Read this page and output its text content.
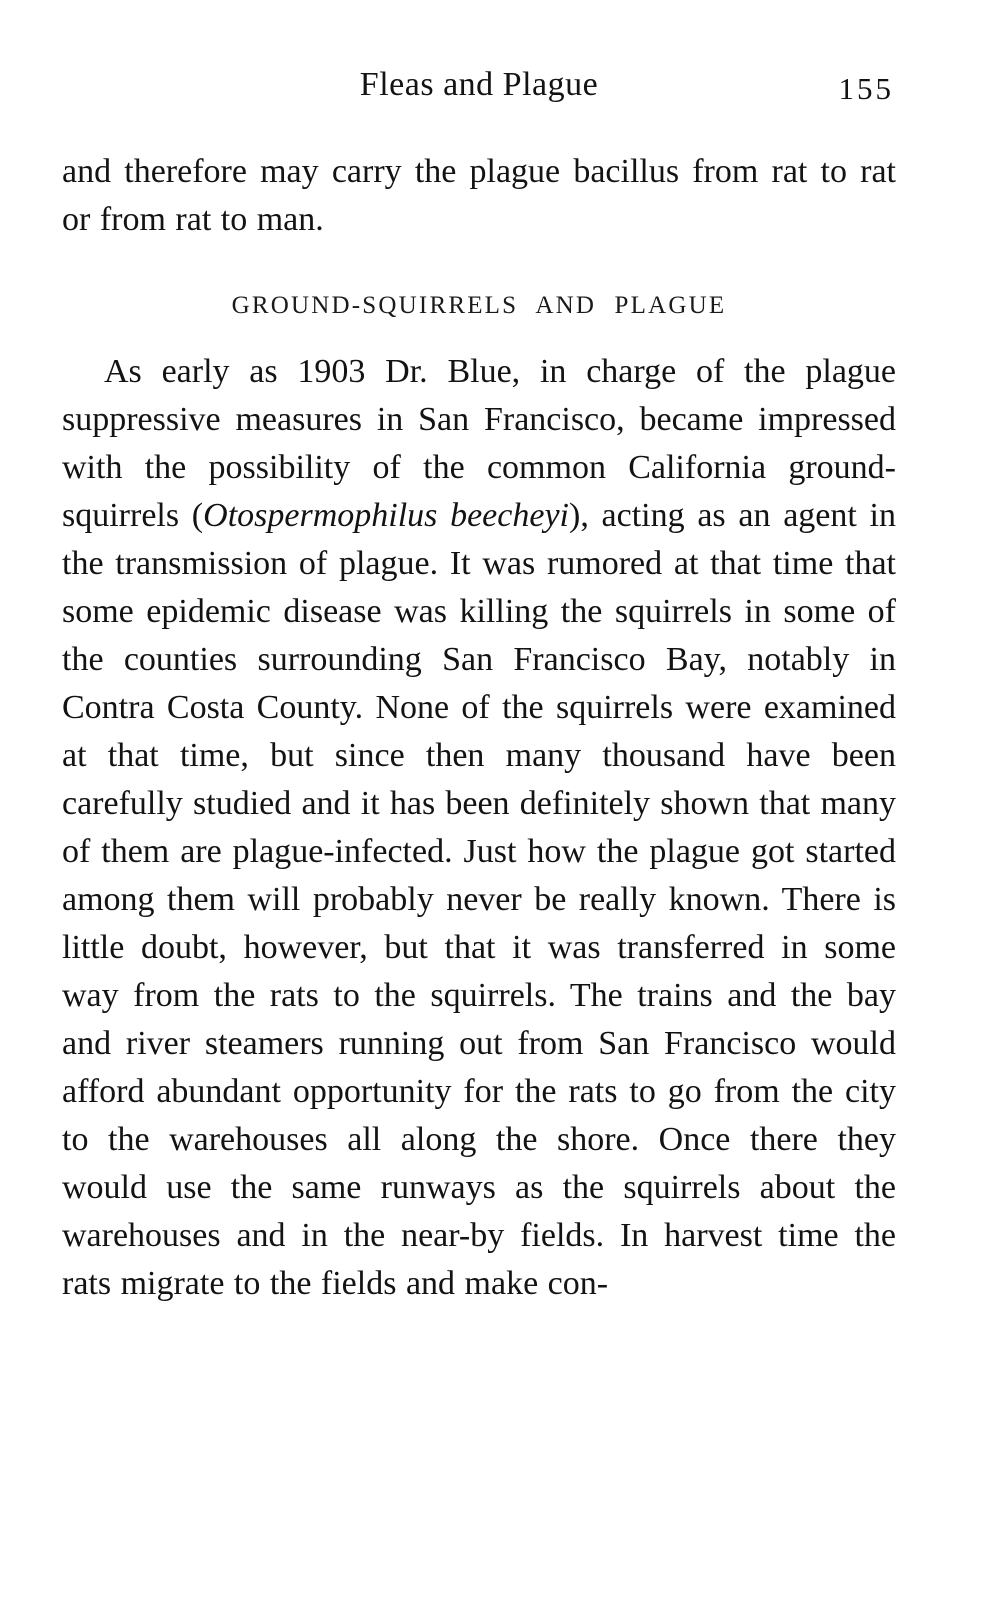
Fleas and Plague	155

and therefore may carry the plague bacillus from rat to rat or from rat to man.

GROUND-SQUIRRELS AND PLAGUE

As early as 1903 Dr. Blue, in charge of the plague suppressive measures in San Francisco, became impressed with the possibility of the common California ground-squirrels (Otospermophilus beecheyi), acting as an agent in the transmission of plague. It was rumored at that time that some epidemic disease was killing the squirrels in some of the counties surrounding San Francisco Bay, notably in Contra Costa County. None of the squirrels were examined at that time, but since then many thousand have been carefully studied and it has been definitely shown that many of them are plague-infected. Just how the plague got started among them will probably never be really known. There is little doubt, however, but that it was transferred in some way from the rats to the squirrels. The trains and the bay and river steamers running out from San Francisco would afford abundant opportunity for the rats to go from the city to the warehouses all along the shore. Once there they would use the same runways as the squirrels about the warehouses and in the near-by fields. In harvest time the rats migrate to the fields and make con-
